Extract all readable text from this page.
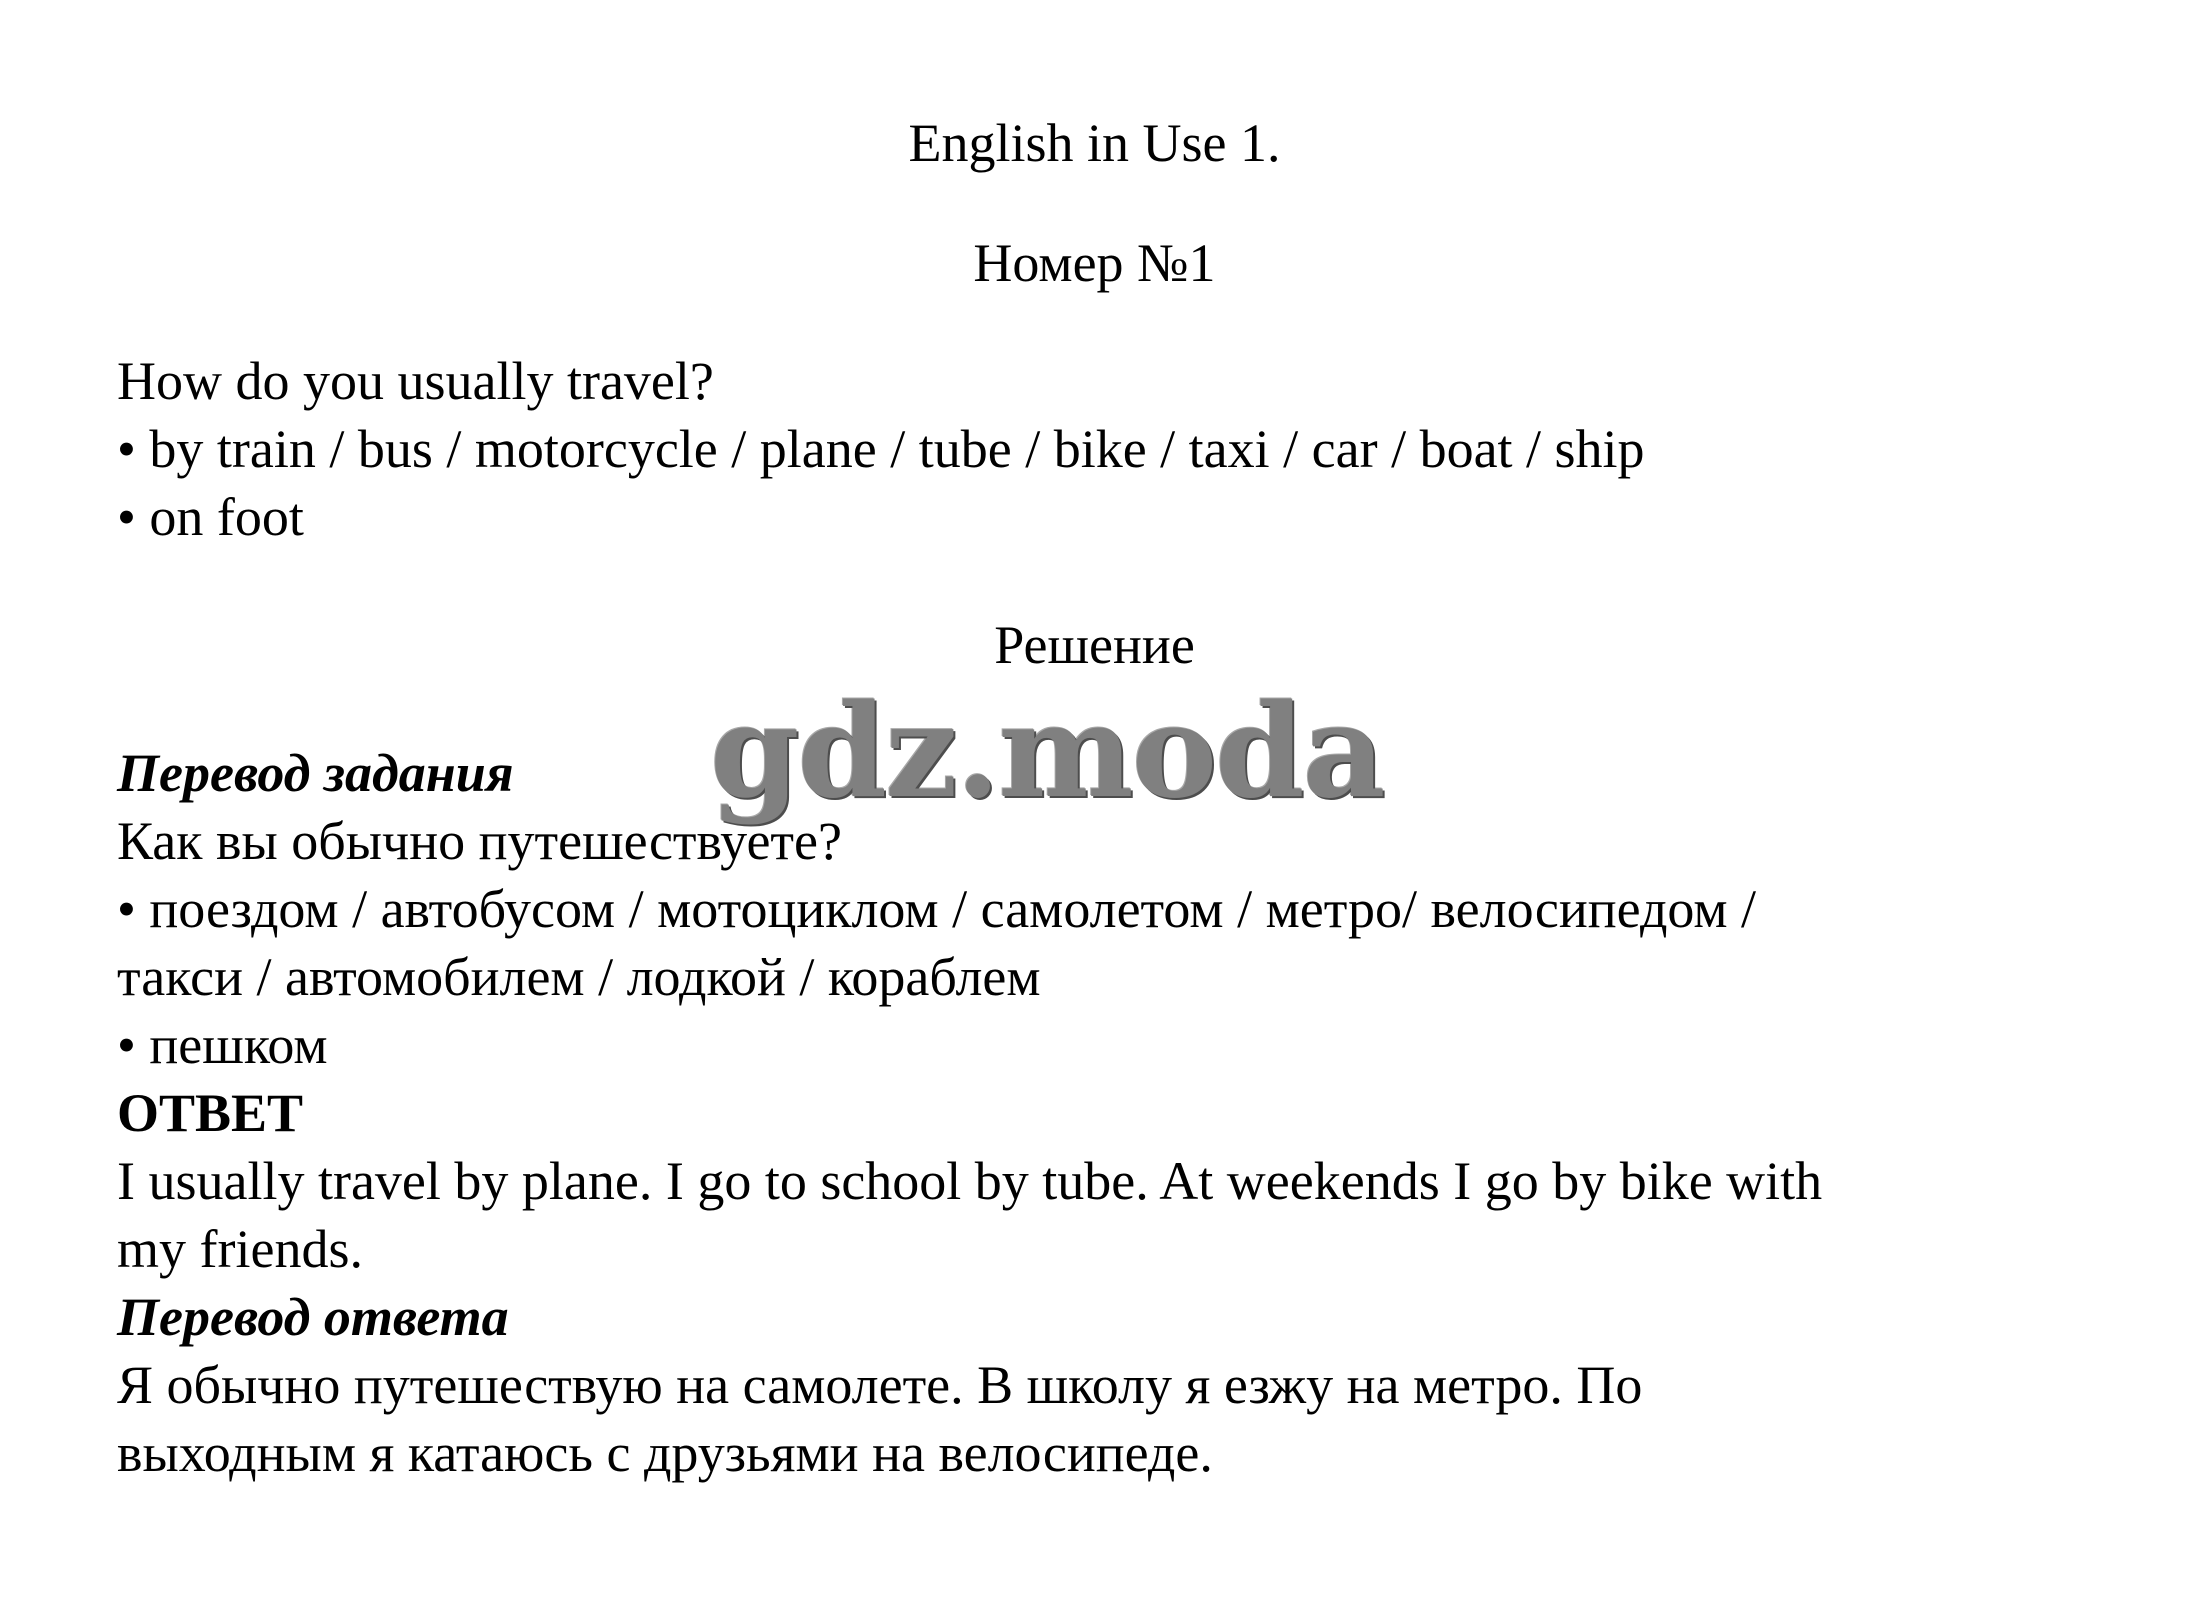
English in Use 1.
Номер №1
How do you usually travel?
• by train / bus / motorcycle / plane / tube / bike / taxi / car / boat / ship
• on foot
Решение
gdz.moda
Перевод задания
Как вы обычно путешествуете?
• поездом / автобусом / мотоциклом / самолетом / метро/ велосипедом /
такси / автомобилем / лодкой / кораблем
• пешком
ОТВЕТ
I usually travel by plane. I go to school by tube. At weekends I go by bike with
my friends.
Перевод ответа
Я обычно путешествую на самолете. В школу я езжу на метро. По
выходным я катаюсь с друзьями на велосипеде.
